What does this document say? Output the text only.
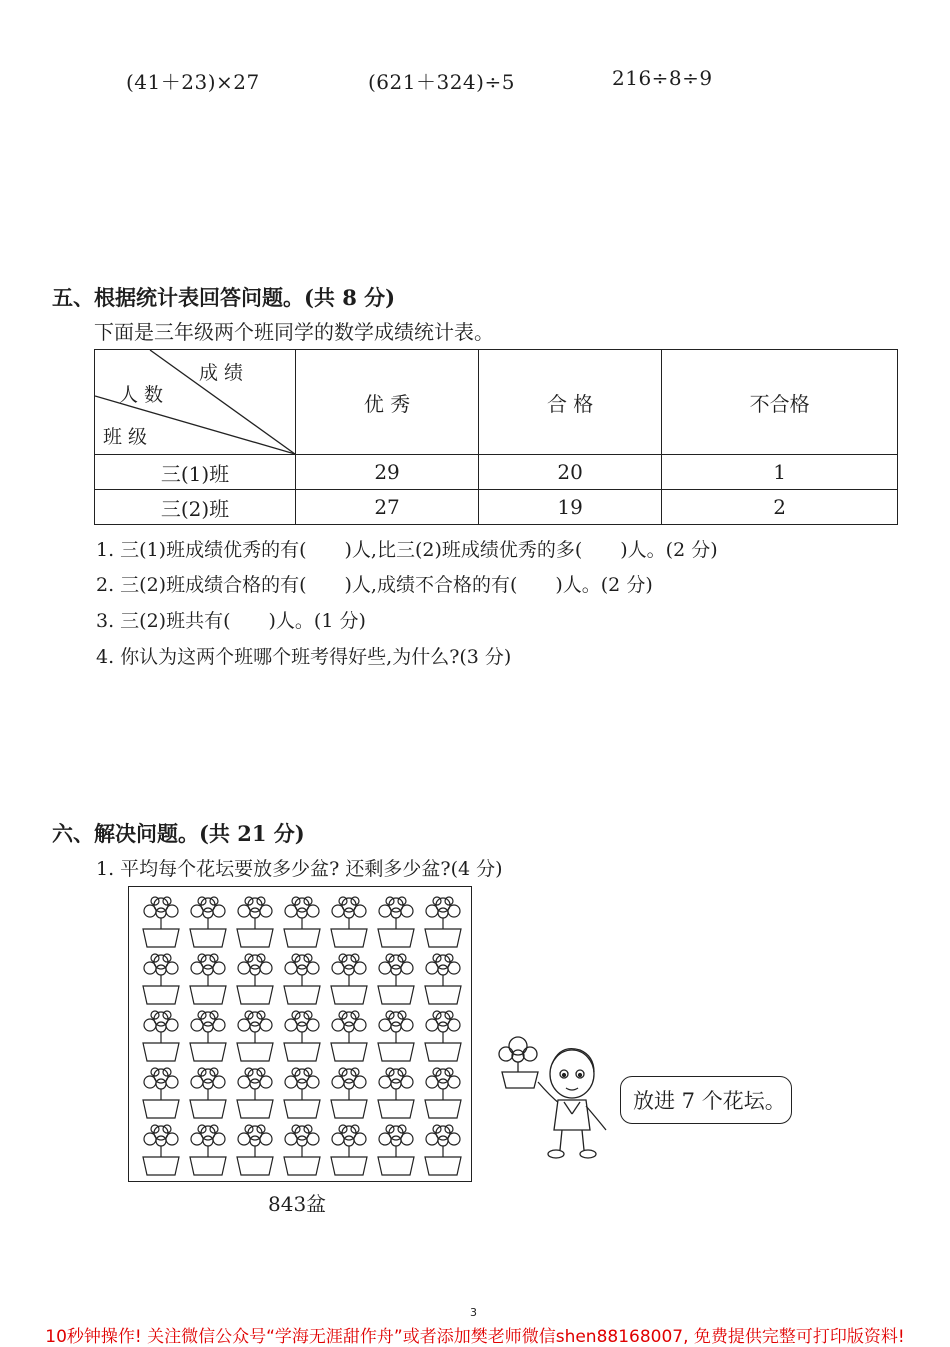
(41＋23)×27	(621＋324)÷5	216÷8÷9
五、根据统计表回答问题。(共 8 分)
下面是三年级两个班同学的数学成绩统计表。
成 绩
人 数
班 级	优 秀	合 格	不合格
三(1)班	29	20	1
三(2)班	27	19	2
1. 三(1)班成绩优秀的有(　　)人,比三(2)班成绩优秀的多(　　)人。(2 分)
2. 三(2)班成绩合格的有(　　)人,成绩不合格的有(　　)人。(2 分)
3. 三(2)班共有(　　)人。(1 分)
4. 你认为这两个班哪个班考得好些,为什么?(3 分)
六、解决问题。(共 21 分)
1. 平均每个花坛要放多少盆? 还剩多少盆?(4 分)
843盆
放进 7 个花坛。
3
10秒钟操作! 关注微信公众号“学海无涯甜作舟”或者添加樊老师微信shen88168007, 免费提供完整可打印版资料!
